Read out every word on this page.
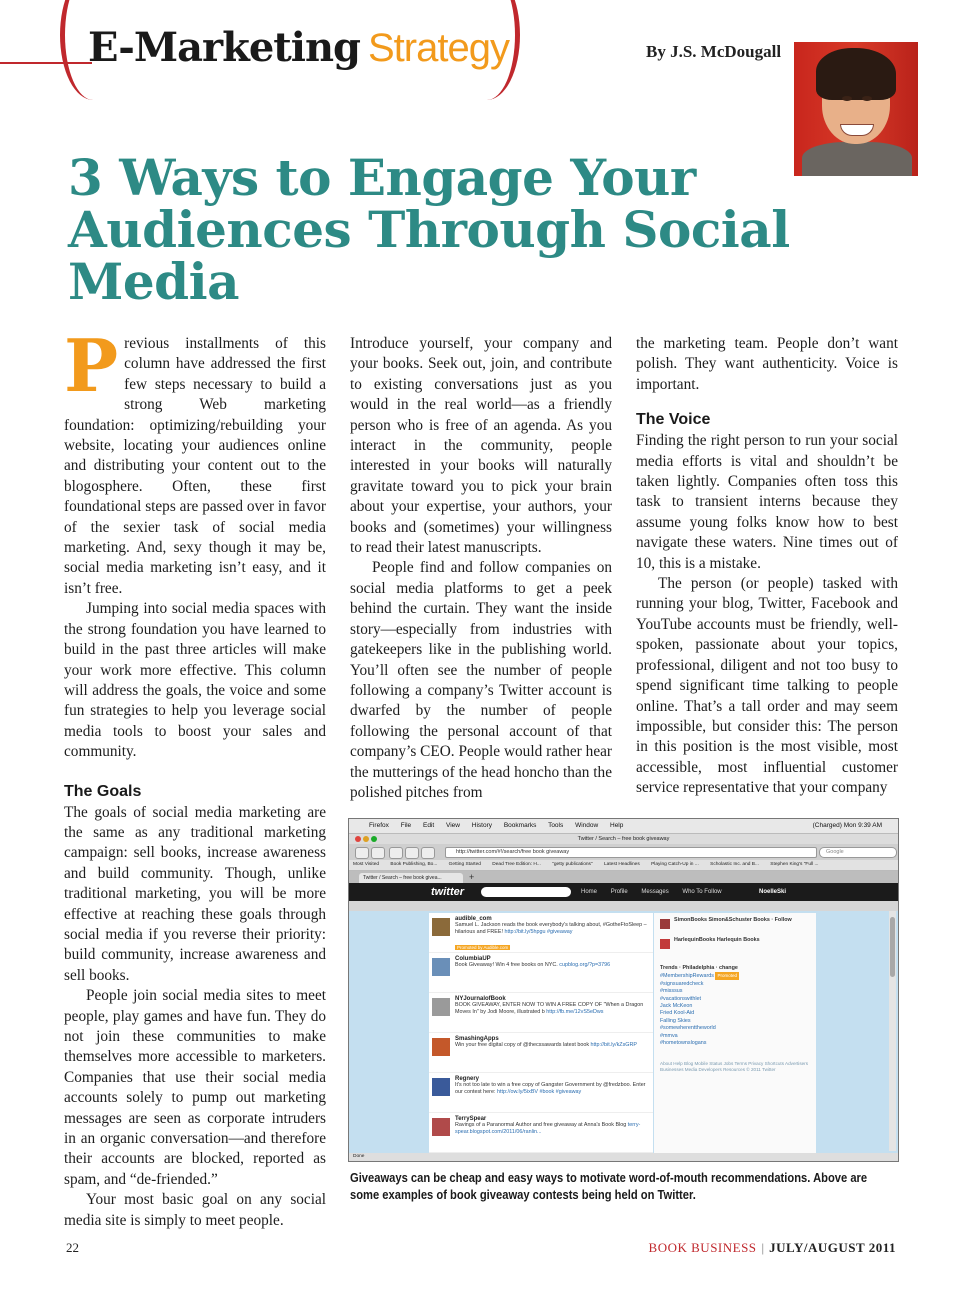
E-Marketing Strategy	By J.S. McDougall
3 Ways to Engage Your Audiences Through Social Media

Previous installments of this column have addressed the first few steps necessary to build a strong Web marketing foundation: optimizing/rebuilding your website, locating your audiences online and distributing your content out to the blogosphere. Often, these first foundational steps are passed over in favor of the sexier task of social media marketing. And, sexy though it may be, social media marketing isn’t easy, and it isn’t free.

Jumping into social media spaces with the strong foundation you have learned to build in the past three articles will make your work more effective. This column will address the goals, the voice and some fun strategies to help you leverage social media tools to boost your sales and community.

The Goals

The goals of social media marketing are the same as any traditional marketing campaign: sell books, increase awareness and build community. Though, unlike traditional marketing, you will be more effective at reaching these goals through social media if you reverse their priority: build community, increase awareness and sell books.

People join social media sites to meet people, play games and have fun. They do not join these communities to make themselves more accessible to marketers. Companies that use their social media accounts solely to pump out marketing messages are seen as corporate intruders in an organic conversation—and therefore their accounts are blocked, reported as spam, and “de-friended.”

Your most basic goal on any social media site is simply to meet people.

Introduce yourself, your company and your books. Seek out, join, and contribute to existing conversations just as you would in the real world—as a friendly person who is free of an agenda. As you interact in the community, people interested in your books will naturally gravitate toward you to pick your brain about your expertise, your authors, your books and (sometimes) your willingness to read their latest manuscripts.

People find and follow companies on social media platforms to get a peek behind the curtain. They want the inside story—especially from industries with gatekeepers like in the publishing world. You’ll often see the number of people following a company’s Twitter account is dwarfed by the number of people following the personal account of that company’s CEO. People would rather hear the mutterings of the head honcho than the polished pitches from

the marketing team. People don’t want polish. They want authenticity. Voice is important.

The Voice

Finding the right person to run your social media efforts is vital and shouldn’t be taken lightly. Companies often toss this task to transient interns because they assume young folks know how to best navigate these waters. Nine times out of 10, this is a mistake.

The person (or people) tasked with running your blog, Twitter, Facebook and YouTube accounts must be friendly, well-spoken, passionate about your topics, professional, diligent and not too busy to spend significant time talking to people online. That’s a tall order and may seem impossible, but consider this: The person in this position is the most visible, most accessible, most influential customer service representative that your company

Firefox File Edit View History Bookmarks Tools Window Help	(Charged) Mon 9:39 AM
Twitter / Search – free book giveaway
http://twitter.com/#!/search/free book giveaway	Google
Most Visited Book Publishing, Bo... Getting Started Dead Tree Edition: H... "getty publications" Latest Headlines Playing Catch-Up in ... Scholastic Inc. and B... Stephen King's "Full ...
Twitter / Search – free book givea...	+
twitter	Home Profile Messages Who To Follow	NoelleSki
audible_com
Samuel L. Jackson reads the book everybody's talking about, #GotheFtoSleep – hilarious and FREE! http://bit.ly/5hpgu #giveaway
Promoted by Audible.com
ColumbiaUP
Book Giveaway! Win 4 free books on NYC. cupblog.org/?p=3796
NYJournalofBook
BOOK GIVEAWAY, ENTER NOW TO WIN A FREE COPY OF "When a Dragon Moves In" by Jodi Moore, illustrated b http://fb.me/12vS5eDws
SmashingApps
Win your free digital copy of @thecssawards latest book http://bit.ly/kZsGRP
Regnery
It's not too late to win a free copy of Gangster Government by @fredzboo. Enter our contest here: http://ow.ly/5ixBV #book #giveaway
TerrySpear
Ravings of a Paranormal Author and free giveaway at Anna's Book Blog terry-spear.blogspot.com/2011/06/ranlin...
SimonBooks Simon&Schuster Books · Follow
HarlequinBooks Harlequin Books
Trends · Philadelphia · change
#MembershipRewards Promoted
#signsuaredcheck
#misssus
#vacationswithlet
Jack McKeon
Fried Kool-Aid
Falling Skies
#somewherenttheworld
#mmva
#hometownslogans
About Help Blog Mobile Status Jobs Terms Privacy Shortcuts Advertisers Businesses Media Developers Resources © 2011 Twitter
Done

Giveaways can be cheap and easy ways to motivate word-of-mouth recommendations. Above are some examples of book giveaway contests being held on Twitter.

22	BOOK BUSINESS | JULY/AUGUST 2011
